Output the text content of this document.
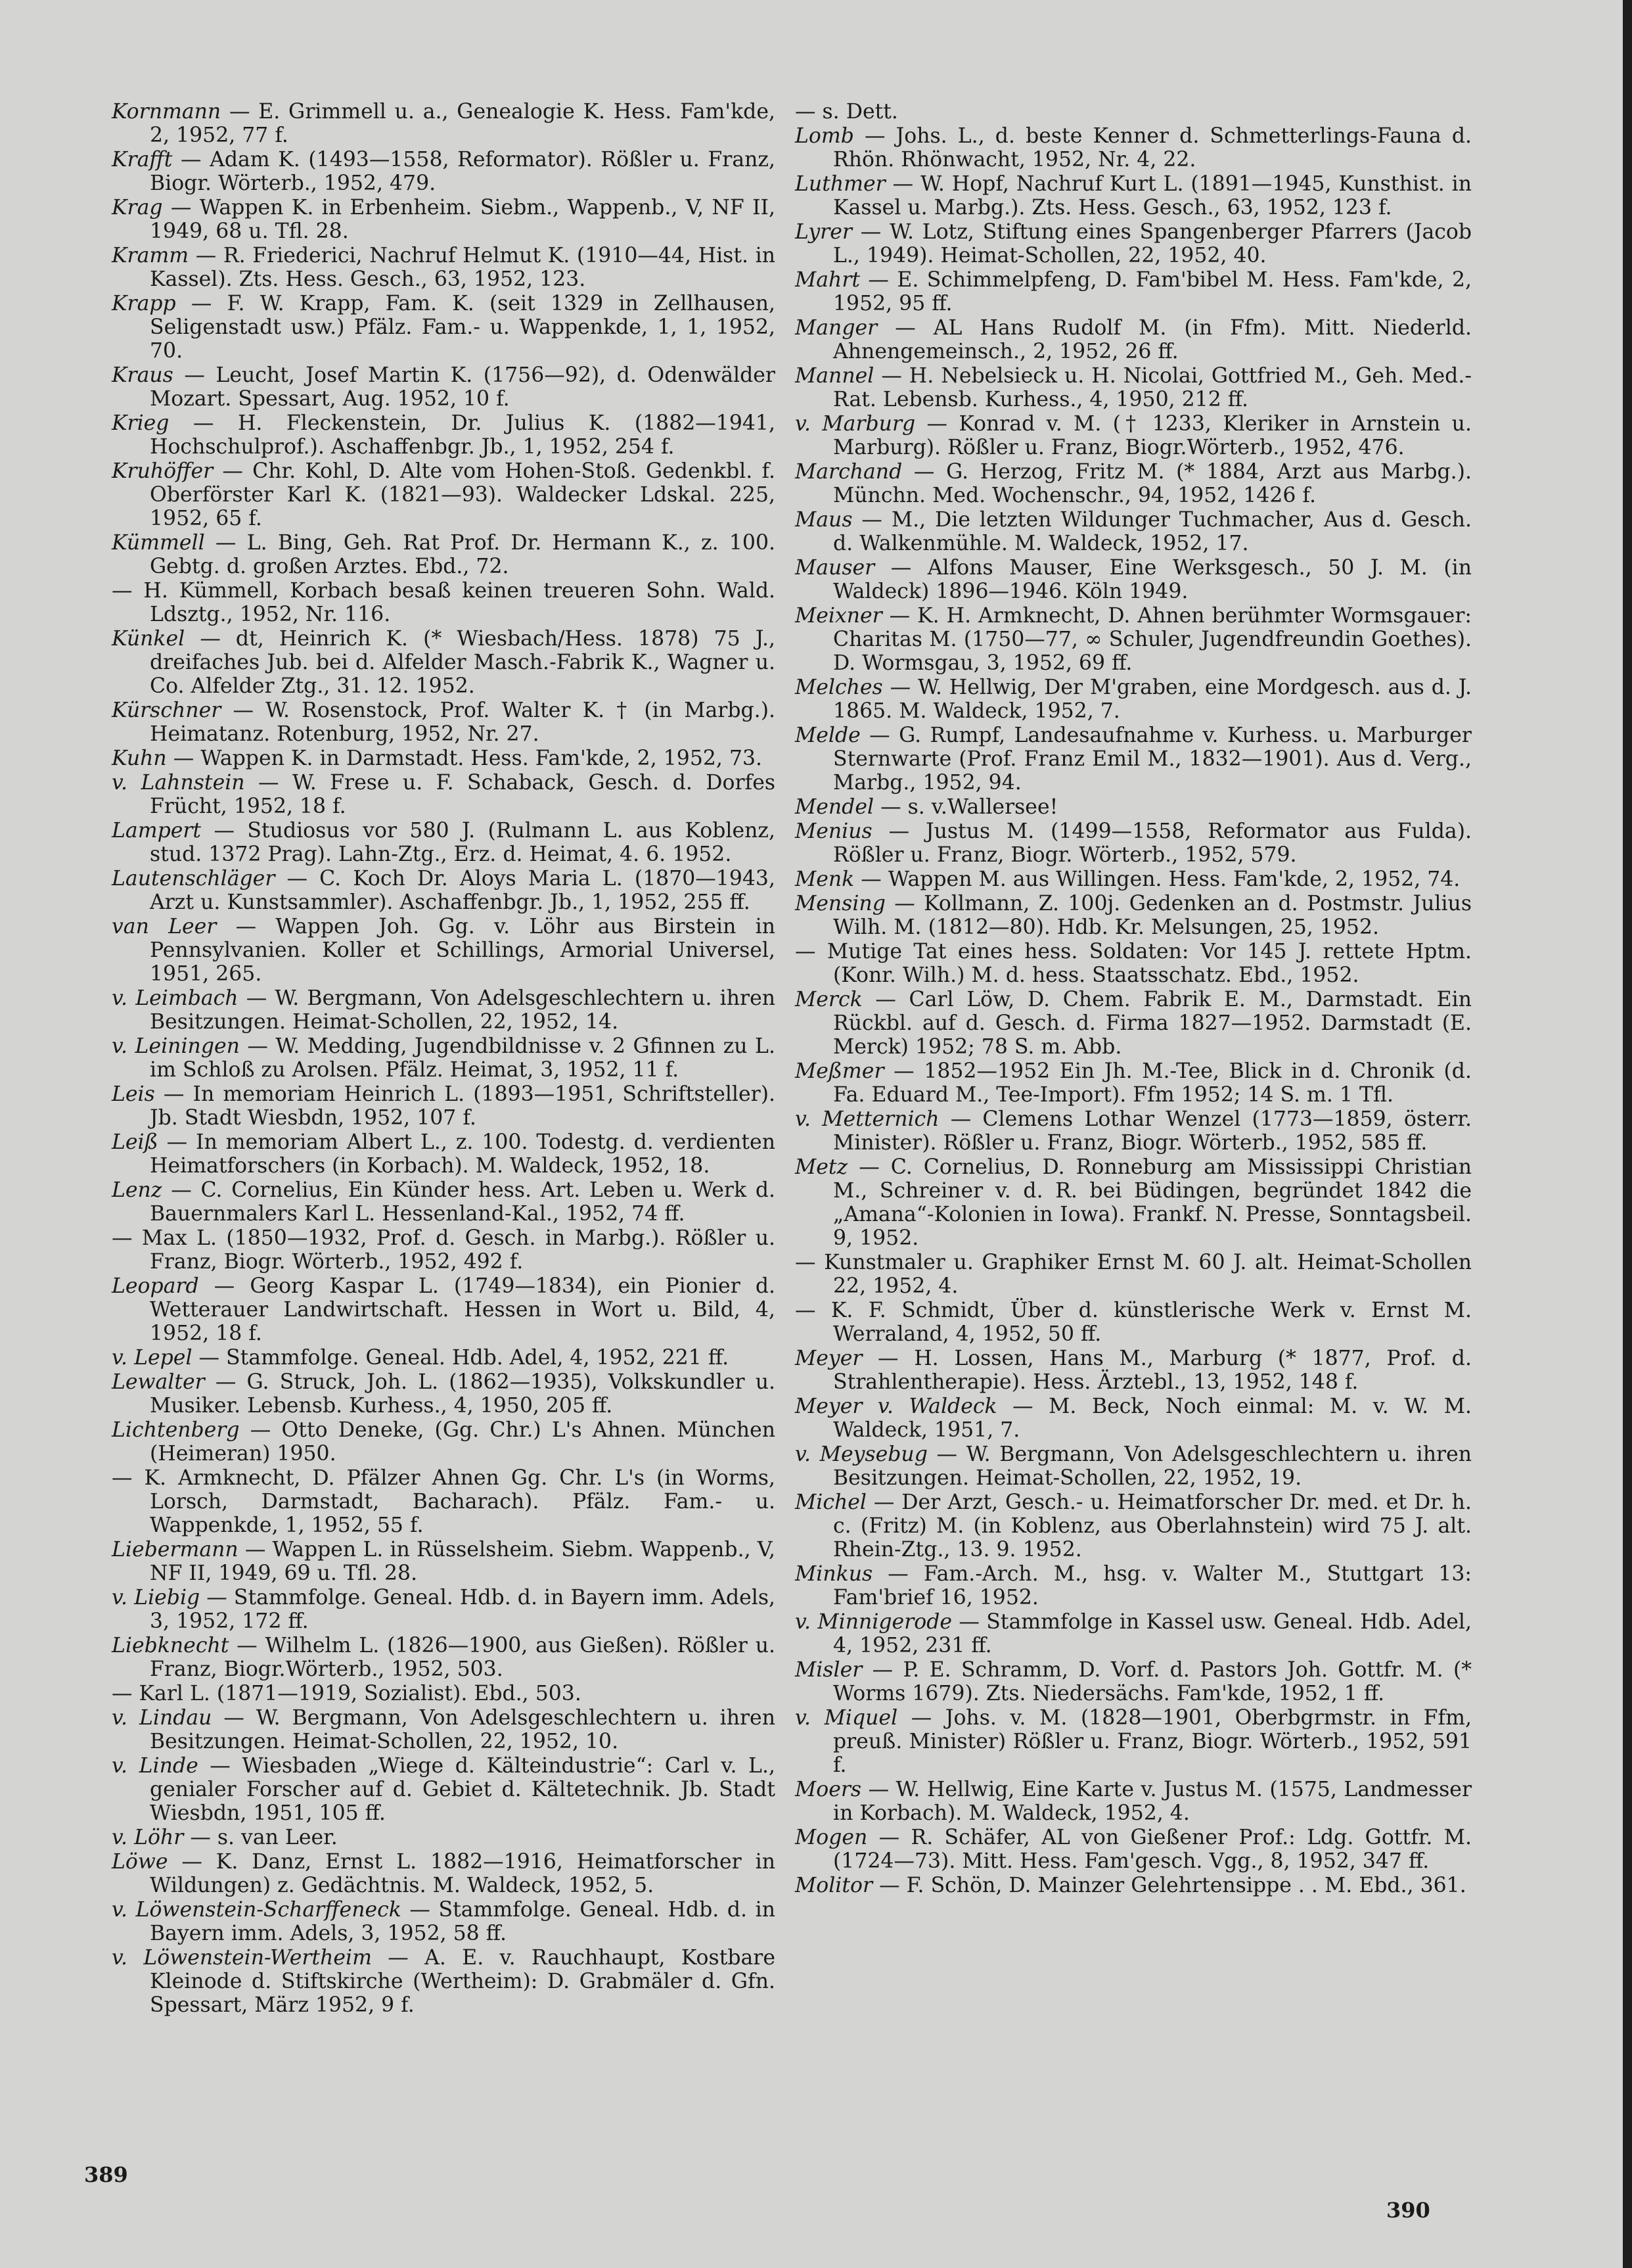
Kornmann — E. Grimmell u. a., Genealogie K. Hess. Fam'kde, 2, 1952, 77 f.

Krafft — Adam K. (1493—1558, Reformator). Rößler u. Franz, Biogr. Wörterb., 1952, 479.

Krag — Wappen K. in Erbenheim. Siebm., Wappenb., V, NF II, 1949, 68 u. Tfl. 28.

Kramm — R. Friederici, Nachruf Helmut K. (1910—44, Hist. in Kassel). Zts. Hess. Gesch., 63, 1952, 123.

Krapp — F. W. Krapp, Fam. K. (seit 1329 in Zellhausen, Seligenstadt usw.) Pfälz. Fam.- u. Wappenkde, 1, 1, 1952, 70.

Kraus — Leucht, Josef Martin K. (1756—92), d. Odenwälder Mozart. Spessart, Aug. 1952, 10 f.

Krieg — H. Fleckenstein, Dr. Julius K. (1882—1941, Hochschulprof.). Aschaffenbgr. Jb., 1, 1952, 254 f.

Kruhöffer — Chr. Kohl, D. Alte vom Hohen-Stoß. Gedenkbl. f. Oberförster Karl K. (1821—93). Waldecker Ldskal. 225, 1952, 65 f.

Kümmell — L. Bing, Geh. Rat Prof. Dr. Hermann K., z. 100. Gebtg. d. großen Arztes. Ebd., 72.

— H. Kümmell, Korbach besaß keinen treueren Sohn. Wald. Ldsztg., 1952, Nr. 116.

Künkel — dt, Heinrich K. (* Wiesbach/Hess. 1878) 75 J., dreifaches Jub. bei d. Alfelder Masch.-Fabrik K., Wagner u. Co. Alfelder Ztg., 31. 12. 1952.

Kürschner — W. Rosenstock, Prof. Walter K. † (in Marbg.). Heimatanz. Rotenburg, 1952, Nr. 27.

Kuhn — Wappen K. in Darmstadt. Hess. Fam'kde, 2, 1952, 73.

v. Lahnstein — W. Frese u. F. Schaback, Gesch. d. Dorfes Frücht, 1952, 18 f.

Lampert — Studiosus vor 580 J. (Rulmann L. aus Koblenz, stud. 1372 Prag). Lahn-Ztg., Erz. d. Heimat, 4. 6. 1952.

Lautenschläger — C. Koch Dr. Aloys Maria L. (1870—1943, Arzt u. Kunstsammler). Aschaffenbgr. Jb., 1, 1952, 255 ff.

van Leer — Wappen Joh. Gg. v. Löhr aus Birstein in Pennsylvanien. Koller et Schillings, Armorial Universel, 1951, 265.

v. Leimbach — W. Bergmann, Von Adelsgeschlechtern u. ihren Besitzungen. Heimat-Schollen, 22, 1952, 14.

v. Leiningen — W. Medding, Jugendbildnisse v. 2 Gfinnen zu L. im Schloß zu Arolsen. Pfälz. Heimat, 3, 1952, 11 f.

Leis — In memoriam Heinrich L. (1893—1951, Schriftsteller). Jb. Stadt Wiesbdn, 1952, 107 f.

Leiß — In memoriam Albert L., z. 100. Todestg. d. verdienten Heimatforschers (in Korbach). M. Waldeck, 1952, 18.

Lenz — C. Cornelius, Ein Künder hess. Art. Leben u. Werk d. Bauernmalers Karl L. Hessenland-Kal., 1952, 74 ff.

— Max L. (1850—1932, Prof. d. Gesch. in Marbg.). Rößler u. Franz, Biogr. Wörterb., 1952, 492 f.

Leopard — Georg Kaspar L. (1749—1834), ein Pionier d. Wetterauer Landwirtschaft. Hessen in Wort u. Bild, 4, 1952, 18 f.

v. Lepel — Stammfolge. Geneal. Hdb. Adel, 4, 1952, 221 ff.

Lewalter — G. Struck, Joh. L. (1862—1935), Volkskundler u. Musiker. Lebensb. Kurhess., 4, 1950, 205 ff.

Lichtenberg — Otto Deneke, (Gg. Chr.) L's Ahnen. München (Heimeran) 1950.

— K. Armknecht, D. Pfälzer Ahnen Gg. Chr. L's (in Worms, Lorsch, Darmstadt, Bacharach). Pfälz. Fam.- u. Wappenkde, 1, 1952, 55 f.

Liebermann — Wappen L. in Rüsselsheim. Siebm. Wappenb., V, NF II, 1949, 69 u. Tfl. 28.

v. Liebig — Stammfolge. Geneal. Hdb. d. in Bayern imm. Adels, 3, 1952, 172 ff.

Liebknecht — Wilhelm L. (1826—1900, aus Gießen). Rößler u. Franz, Biogr.Wörterb., 1952, 503.

— Karl L. (1871—1919, Sozialist). Ebd., 503.

v. Lindau — W. Bergmann, Von Adelsgeschlechtern u. ihren Besitzungen. Heimat-Schollen, 22, 1952, 10.

v. Linde — Wiesbaden „Wiege d. Kälteindustrie“: Carl v. L., genialer Forscher auf d. Gebiet d. Kältetechnik. Jb. Stadt Wiesbdn, 1951, 105 ff.

v. Löhr — s. van Leer.

Löwe — K. Danz, Ernst L. 1882—1916, Heimatforscher in Wildungen) z. Gedächtnis. M. Waldeck, 1952, 5.

v. Löwenstein-Scharffeneck — Stammfolge. Geneal. Hdb. d. in Bayern imm. Adels, 3, 1952, 58 ff.

v. Löwenstein-Wertheim — A. E. v. Rauchhaupt, Kostbare Kleinode d. Stiftskirche (Wertheim): D. Grabmäler d. Gfn. Spessart, März 1952, 9 f.

— s. Dett.

Lomb — Johs. L., d. beste Kenner d. Schmetterlings-Fauna d. Rhön. Rhönwacht, 1952, Nr. 4, 22.

Luthmer — W. Hopf, Nachruf Kurt L. (1891—1945, Kunsthist. in Kassel u. Marbg.). Zts. Hess. Gesch., 63, 1952, 123 f.

Lyrer — W. Lotz, Stiftung eines Spangenberger Pfarrers (Jacob L., 1949). Heimat-Schollen, 22, 1952, 40.

Mahrt — E. Schimmelpfeng, D. Fam'bibel M. Hess. Fam'kde, 2, 1952, 95 ff.

Manger — AL Hans Rudolf M. (in Ffm). Mitt. Niederld. Ahnengemeinsch., 2, 1952, 26 ff.

Mannel — H. Nebelsieck u. H. Nicolai, Gottfried M., Geh. Med.-Rat. Lebensb. Kurhess., 4, 1950, 212 ff.

v. Marburg — Konrad v. M. († 1233, Kleriker in Arnstein u. Marburg). Rößler u. Franz, Biogr.Wörterb., 1952, 476.

Marchand — G. Herzog, Fritz M. (* 1884, Arzt aus Marbg.). Münchn. Med. Wochenschr., 94, 1952, 1426 f.

Maus — M., Die letzten Wildunger Tuchmacher, Aus d. Gesch. d. Walkenmühle. M. Waldeck, 1952, 17.

Mauser — Alfons Mauser, Eine Werksgesch., 50 J. M. (in Waldeck) 1896—1946. Köln 1949.

Meixner — K. H. Armknecht, D. Ahnen berühmter Wormsgauer: Charitas M. (1750—77, ∞ Schuler, Jugendfreundin Goethes). D. Wormsgau, 3, 1952, 69 ff.

Melches — W. Hellwig, Der M'graben, eine Mordgesch. aus d. J. 1865. M. Waldeck, 1952, 7.

Melde — G. Rumpf, Landesaufnahme v. Kurhess. u. Marburger Sternwarte (Prof. Franz Emil M., 1832—1901). Aus d. Verg., Marbg., 1952, 94.

Mendel — s. v.Wallersee!

Menius — Justus M. (1499—1558, Reformator aus Fulda). Rößler u. Franz, Biogr. Wörterb., 1952, 579.

Menk — Wappen M. aus Willingen. Hess. Fam'kde, 2, 1952, 74.

Mensing — Kollmann, Z. 100j. Gedenken an d. Postmstr. Julius Wilh. M. (1812—80). Hdb. Kr. Melsungen, 25, 1952.

— Mutige Tat eines hess. Soldaten: Vor 145 J. rettete Hptm. (Konr. Wilh.) M. d. hess. Staatsschatz. Ebd., 1952.

Merck — Carl Löw, D. Chem. Fabrik E. M., Darmstadt. Ein Rückbl. auf d. Gesch. d. Firma 1827—1952. Darmstadt (E. Merck) 1952; 78 S. m. Abb.

Meßmer — 1852—1952 Ein Jh. M.-Tee, Blick in d. Chronik (d. Fa. Eduard M., Tee-Import). Ffm 1952; 14 S. m. 1 Tfl.

v. Metternich — Clemens Lothar Wenzel (1773—1859, österr. Minister). Rößler u. Franz, Biogr. Wörterb., 1952, 585 ff.

Metz — C. Cornelius, D. Ronneburg am Mississippi Christian M., Schreiner v. d. R. bei Büdingen, begründet 1842 die „Amana“-Kolonien in Iowa). Frankf. N. Presse, Sonntagsbeil. 9, 1952.

— Kunstmaler u. Graphiker Ernst M. 60 J. alt. Heimat-Schollen 22, 1952, 4.

— K. F. Schmidt, Über d. künstlerische Werk v. Ernst M. Werraland, 4, 1952, 50 ff.

Meyer — H. Lossen, Hans M., Marburg (* 1877, Prof. d. Strahlentherapie). Hess. Ärztebl., 13, 1952, 148 f.

Meyer v. Waldeck — M. Beck, Noch einmal: M. v. W. M. Waldeck, 1951, 7.

v. Meysebug — W. Bergmann, Von Adelsgeschlechtern u. ihren Besitzungen. Heimat-Schollen, 22, 1952, 19.

Michel — Der Arzt, Gesch.- u. Heimatforscher Dr. med. et Dr. h. c. (Fritz) M. (in Koblenz, aus Oberlahnstein) wird 75 J. alt. Rhein-Ztg., 13. 9. 1952.

Minkus — Fam.-Arch. M., hsg. v. Walter M., Stuttgart 13: Fam'brief 16, 1952.

v. Minnigerode — Stammfolge in Kassel usw. Geneal. Hdb. Adel, 4, 1952, 231 ff.

Misler — P. E. Schramm, D. Vorf. d. Pastors Joh. Gottfr. M. (* Worms 1679). Zts. Niedersächs. Fam'kde, 1952, 1 ff.

v. Miquel — Johs. v. M. (1828—1901, Oberbgrmstr. in Ffm, preuß. Minister) Rößler u. Franz, Biogr. Wörterb., 1952, 591 f.

Moers — W. Hellwig, Eine Karte v. Justus M. (1575, Landmesser in Korbach). M. Waldeck, 1952, 4.

Mogen — R. Schäfer, AL von Gießener Prof.: Ldg. Gottfr. M. (1724—73). Mitt. Hess. Fam'gesch. Vgg., 8, 1952, 347 ff.

Molitor — F. Schön, D. Mainzer Gelehrtensippe . . M. Ebd., 361.

389
390
